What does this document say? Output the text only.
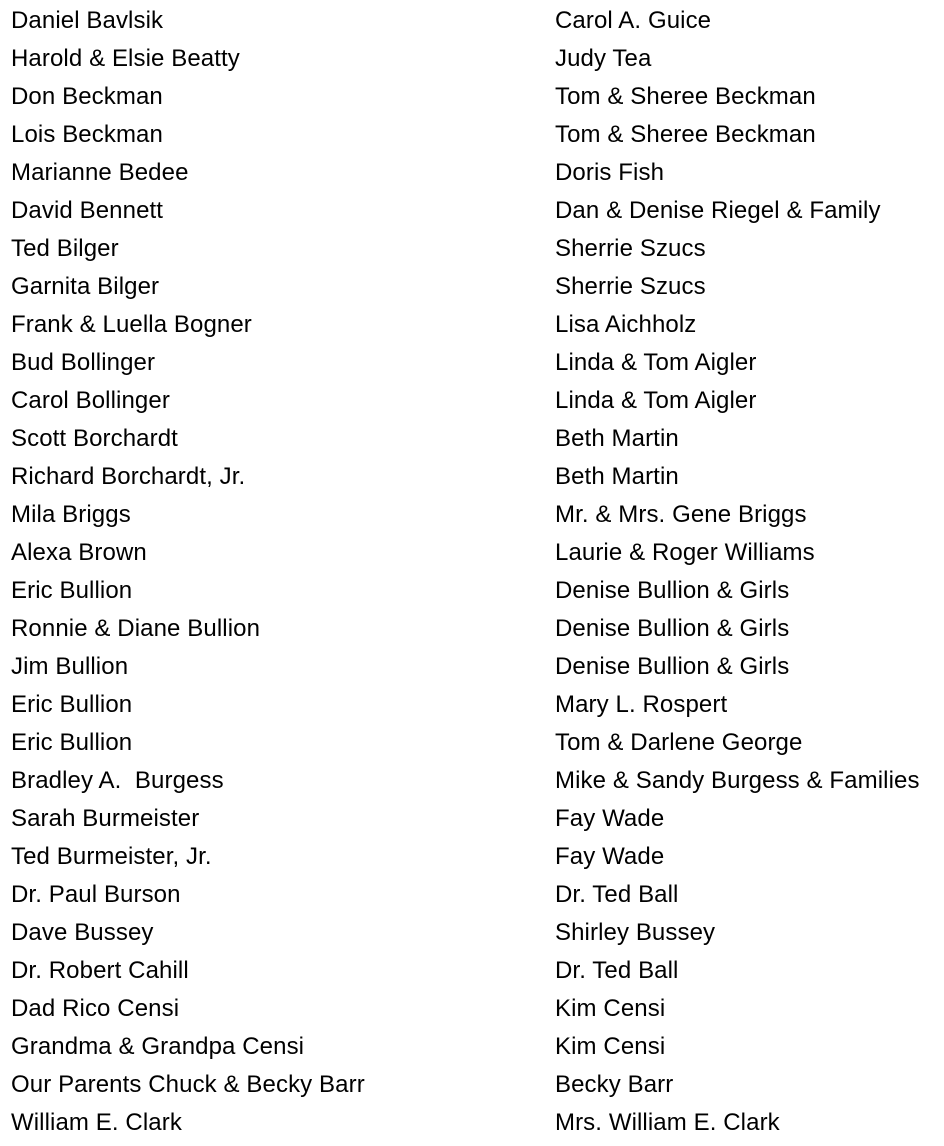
Daniel Bavlsik	Carol A. Guice
Harold & Elsie Beatty	Judy Tea
Don Beckman	Tom & Sheree Beckman
Lois Beckman	Tom & Sheree Beckman
Marianne Bedee	Doris Fish
David Bennett	Dan & Denise Riegel & Family
Ted Bilger	Sherrie Szucs
Garnita Bilger	Sherrie Szucs
Frank & Luella Bogner	Lisa Aichholz
Bud Bollinger	Linda & Tom Aigler
Carol Bollinger	Linda & Tom Aigler
Scott Borchardt	Beth Martin
Richard Borchardt, Jr.	Beth Martin
Mila Briggs	Mr. & Mrs. Gene Briggs
Alexa Brown	Laurie & Roger Williams
Eric Bullion	Denise Bullion & Girls
Ronnie & Diane Bullion	Denise Bullion & Girls
Jim Bullion	Denise Bullion & Girls
Eric Bullion	Mary L. Rospert
Eric Bullion	Tom & Darlene George
Bradley A.  Burgess	Mike & Sandy Burgess & Families
Sarah Burmeister	Fay Wade
Ted Burmeister, Jr.	Fay Wade
Dr. Paul Burson	Dr. Ted Ball
Dave Bussey	Shirley Bussey
Dr. Robert Cahill	Dr. Ted Ball
Dad Rico Censi	Kim Censi
Grandma & Grandpa Censi	Kim Censi
Our Parents Chuck & Becky Barr	Becky Barr
William E. Clark	Mrs. William E. Clark
